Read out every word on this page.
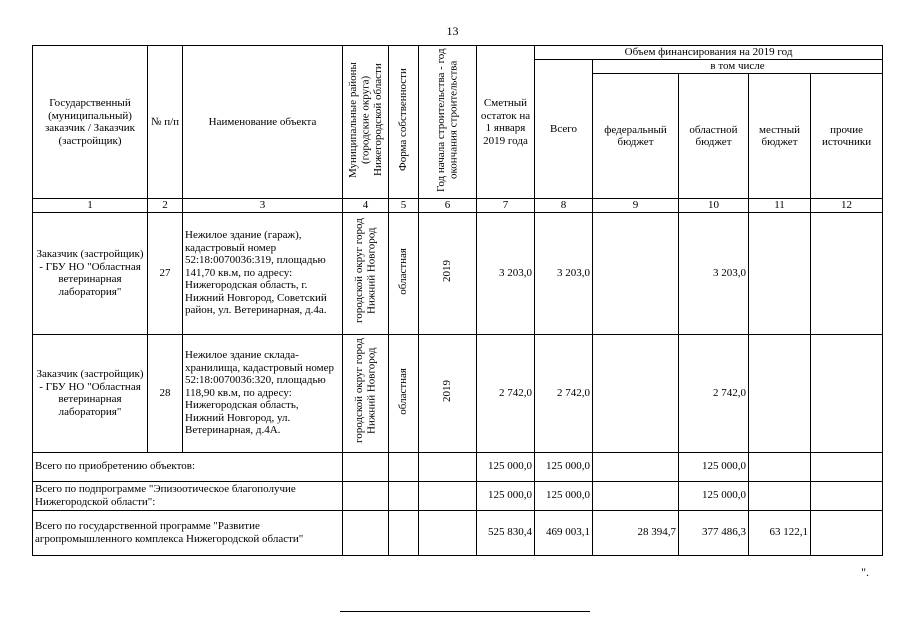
13
Государственный (муниципальный) заказчик / Заказчик (застройщик)	№ п/п	Наименование объекта	Муниципальные районы (городские округа) Нижегородской области	Форма собственности	Год начала строительства - год окончания строительства	Сметный остаток на 1 января 2019 года	Объем финансирования на 2019 год				
							Всего	в том числе			
								федеральный бюджет	областной бюджет	местный бюджет	прочие источники
1	2	3	4	5	6	7	8	9	10	11	12
Заказчик (застройщик) - ГБУ НО "Областная ветеринарная лаборатория"	27	Нежилое здание (гараж), кадастровый номер 52:18:0070036:319, площадью 141,70 кв.м, по адресу: Нижегородская область, г. Нижний Новгород, Советский район, ул. Ветеринарная, д.4а.	городской округ город Нижний Новгород	областная	2019	3 203,0	3 203,0		3 203,0		
Заказчик (застройщик) - ГБУ НО "Областная ветеринарная лаборатория"	28	Нежилое здание склада-хранилища, кадастровый номер 52:18:0070036:320, площадью 118,90 кв.м, по адресу: Нижегородская область, Нижний Новгород, ул. Ветеринарная, д.4А.	городской округ город Нижний Новгород	областная	2019	2 742,0	2 742,0		2 742,0		
Всего по приобретению объектов:						125 000,0	125 000,0		125 000,0		
Всего по подпрограмме "Эпизоотическое благополучие Нижегородской области":						125 000,0	125 000,0		125 000,0		
Всего по государственной программе "Развитие агропромышленного комплекса Нижегородской области"						525 830,4	469 003,1	28 394,7	377 486,3	63 122,1	
".
